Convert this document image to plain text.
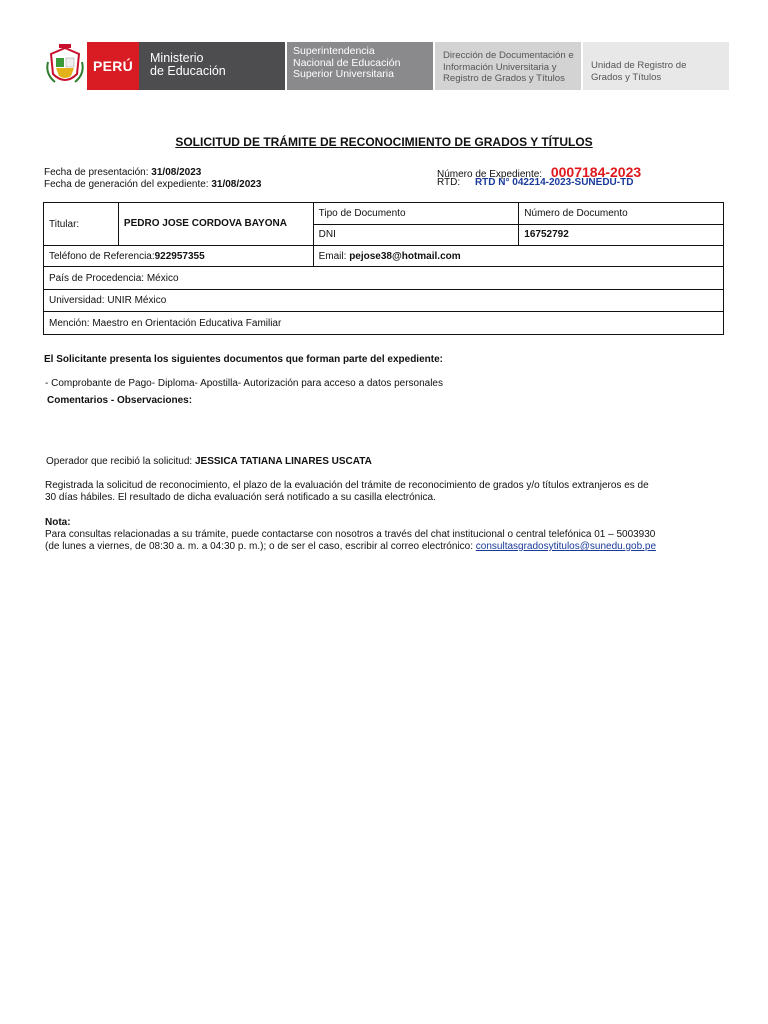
PERÚ	Ministerio
de Educación
Superintendencia
Nacional de Educación
Superior Universitaria
Dirección de Documentación e
Información Universitaria y
Registro de Grados y Títulos
Unidad de Registro de
Grados y Títulos
SOLICITUD DE TRÁMITE DE RECONOCIMIENTO DE GRADOS Y TÍTULOS
Fecha de presentación: 31/08/2023
Fecha de generación del expediente: 31/08/2023
Número de Expediente: 0007184-2023
RTD: RTD N° 042214-2023-SUNEDU-TD
Titular:	PEDRO JOSE CORDOVA BAYONA	Tipo de Documento	Número de Documento
		DNI	16752792
Teléfono de Referencia:922957355		Email: pejose38@hotmail.com	
País de Procedencia: México			
Universidad: UNIR México			
Mención: Maestro en Orientación Educativa Familiar			
El Solicitante presenta los siguientes documentos que forman parte del expediente:
- Comprobante de Pago- Diploma- Apostilla- Autorización para acceso a datos personales
Comentarios - Observaciones:
Operador que recibió la solicitud: JESSICA TATIANA LINARES USCATA
Registrada la solicitud de reconocimiento, el plazo de la evaluación del trámite de reconocimiento de grados y/o títulos extranjeros es de
30 días hábiles. El resultado de dicha evaluación será notificado a su casilla electrónica.
Nota:
Para consultas relacionadas a su trámite, puede contactarse con nosotros a través del chat institucional o central telefónica 01 – 5003930
(de lunes a viernes, de 08:30 a. m. a 04:30 p. m.); o de ser el caso, escribir al correo electrónico: consultasgradosytitulos@sunedu.gob.pe
